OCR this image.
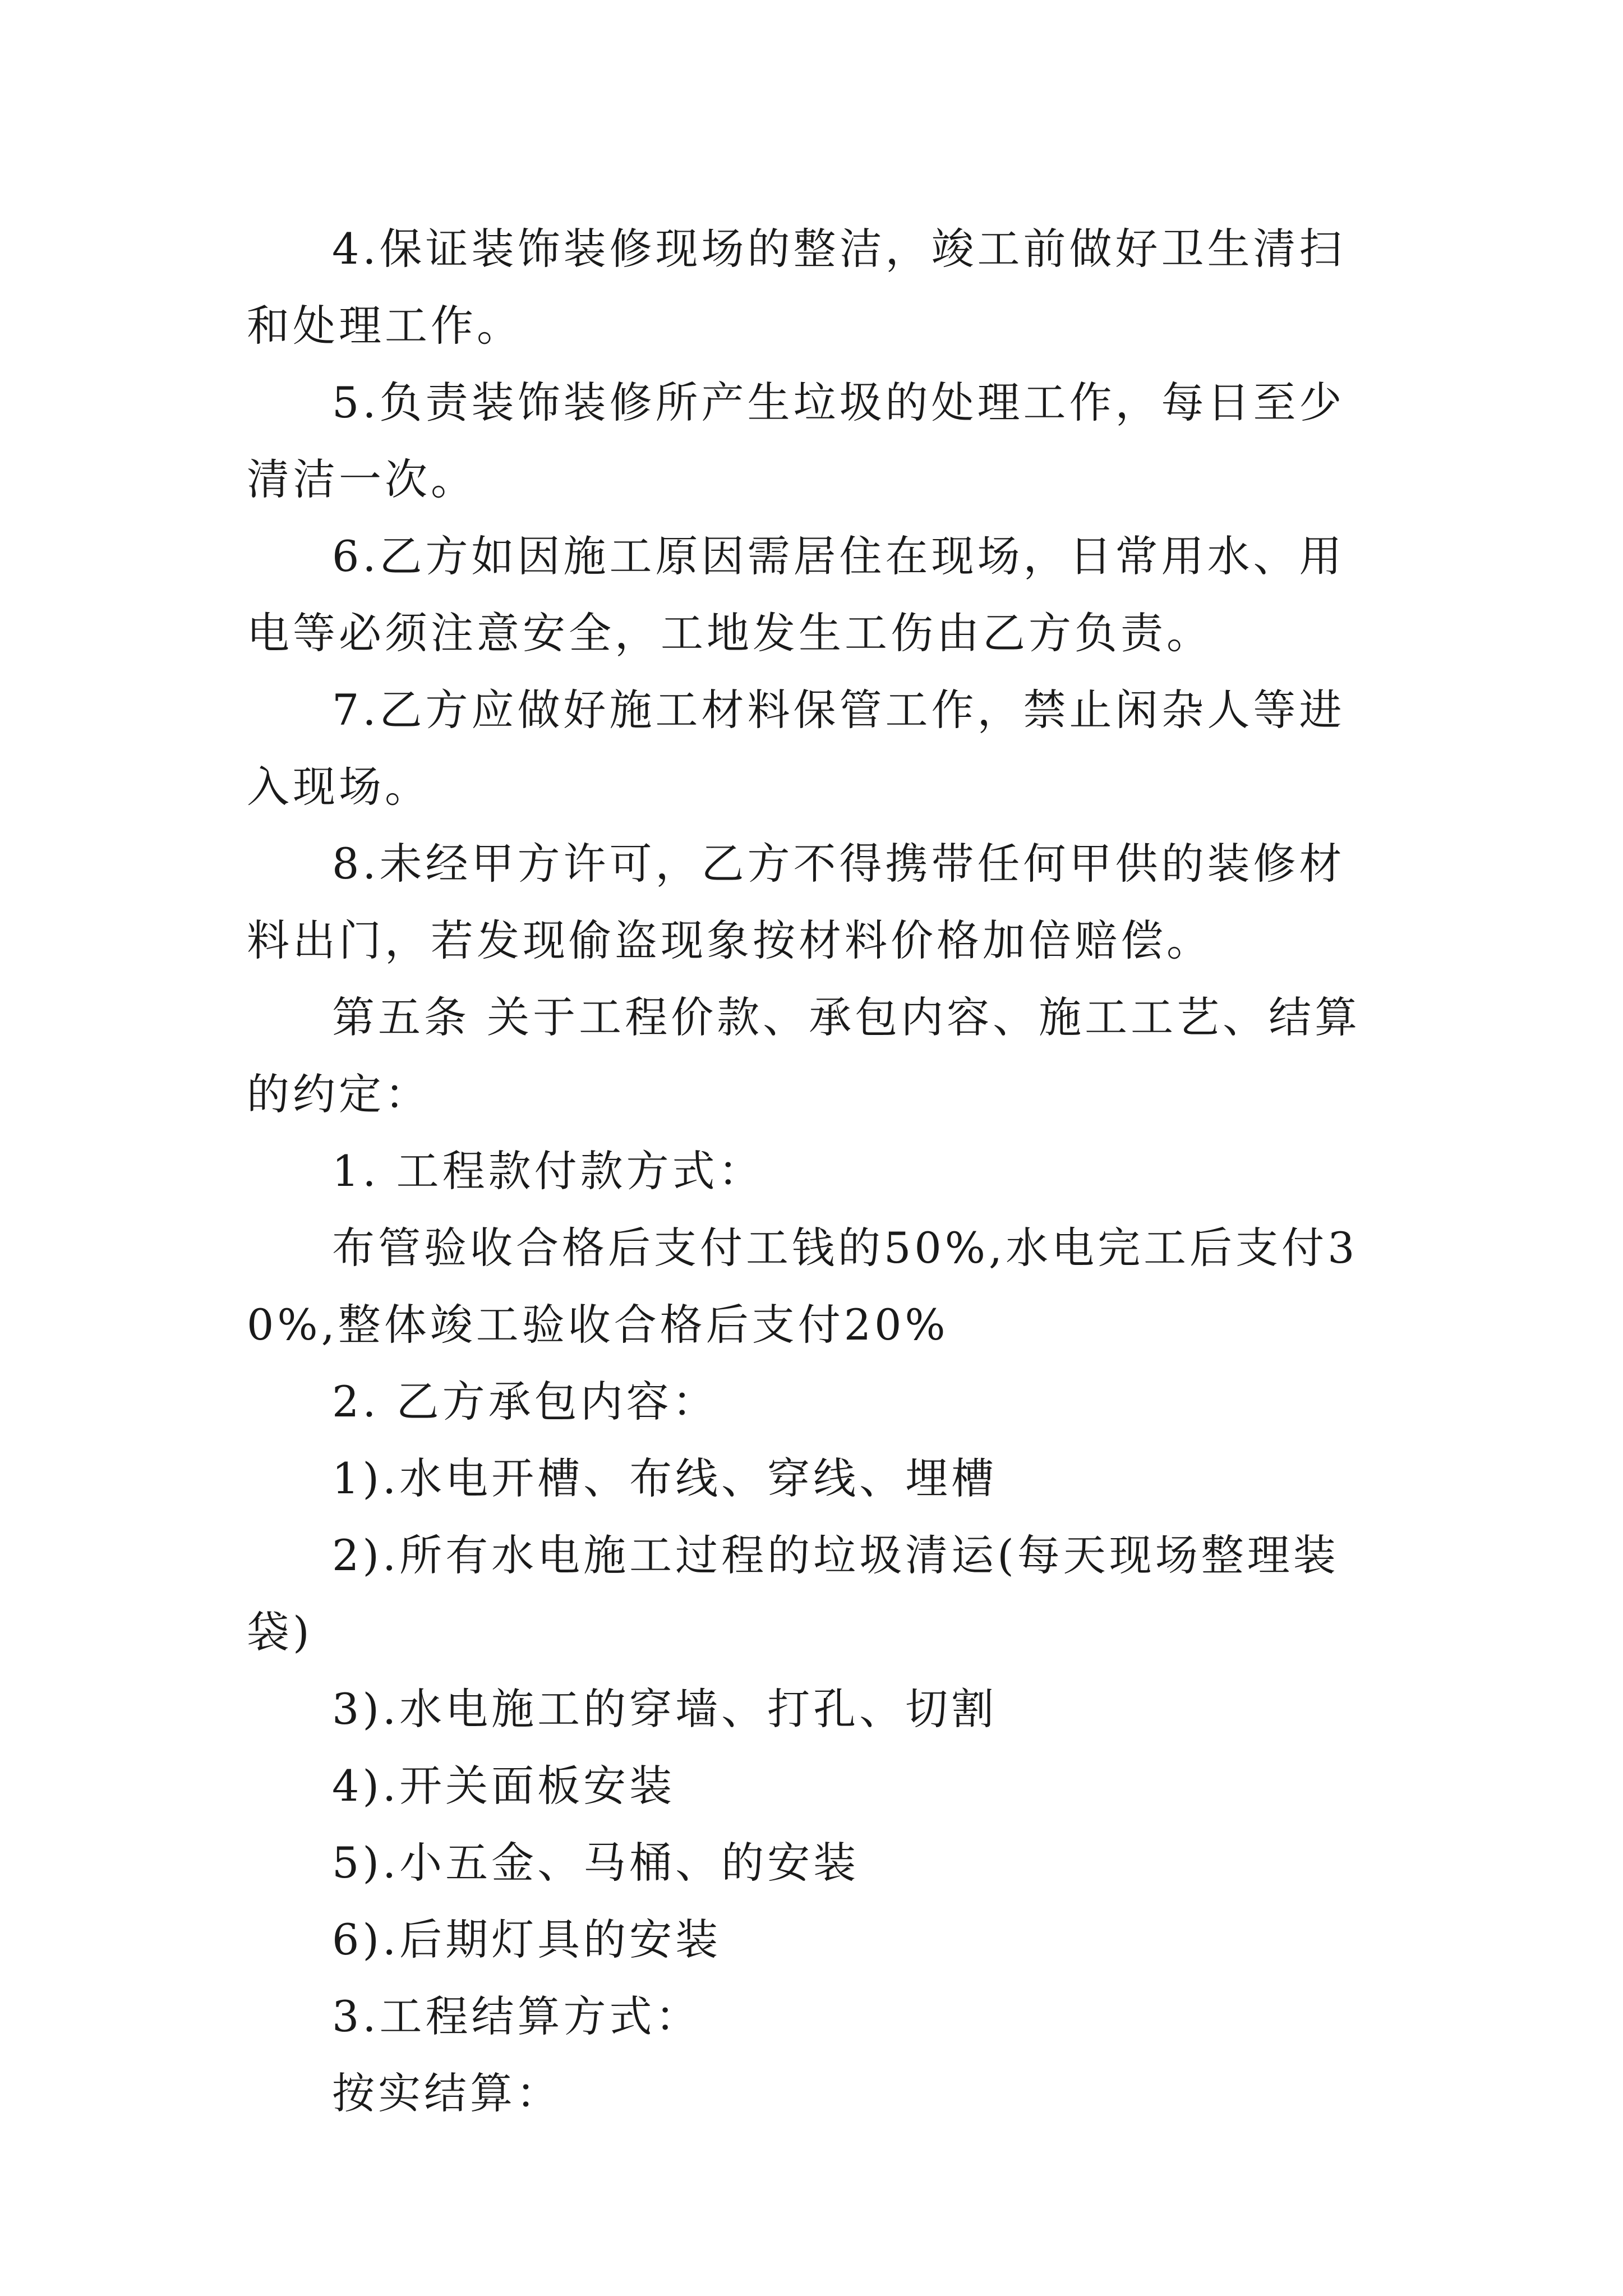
4.保证装饰装修现场的整洁，竣工前做好卫生清扫和处理工作。

5.负责装饰装修所产生垃圾的处理工作，每日至少清洁一次。

6.乙方如因施工原因需居住在现场，日常用水、用电等必须注意安全，工地发生工伤由乙方负责。

7.乙方应做好施工材料保管工作，禁止闲杂人等进入现场。

8.未经甲方许可，乙方不得携带任何甲供的装修材料出门，若发现偷盗现象按材料价格加倍赔偿。

第五条 关于工程价款、承包内容、施工工艺、结算的约定：

1. 工程款付款方式：

布管验收合格后支付工钱的50%,水电完工后支付30%,整体竣工验收合格后支付20%

2. 乙方承包内容：

1).水电开槽、布线、穿线、埋槽

2).所有水电施工过程的垃圾清运(每天现场整理装袋)

3).水电施工的穿墙、打孔、切割

4).开关面板安装

5).小五金、马桶、的安装

6).后期灯具的安装

3.工程结算方式：

按实结算：
